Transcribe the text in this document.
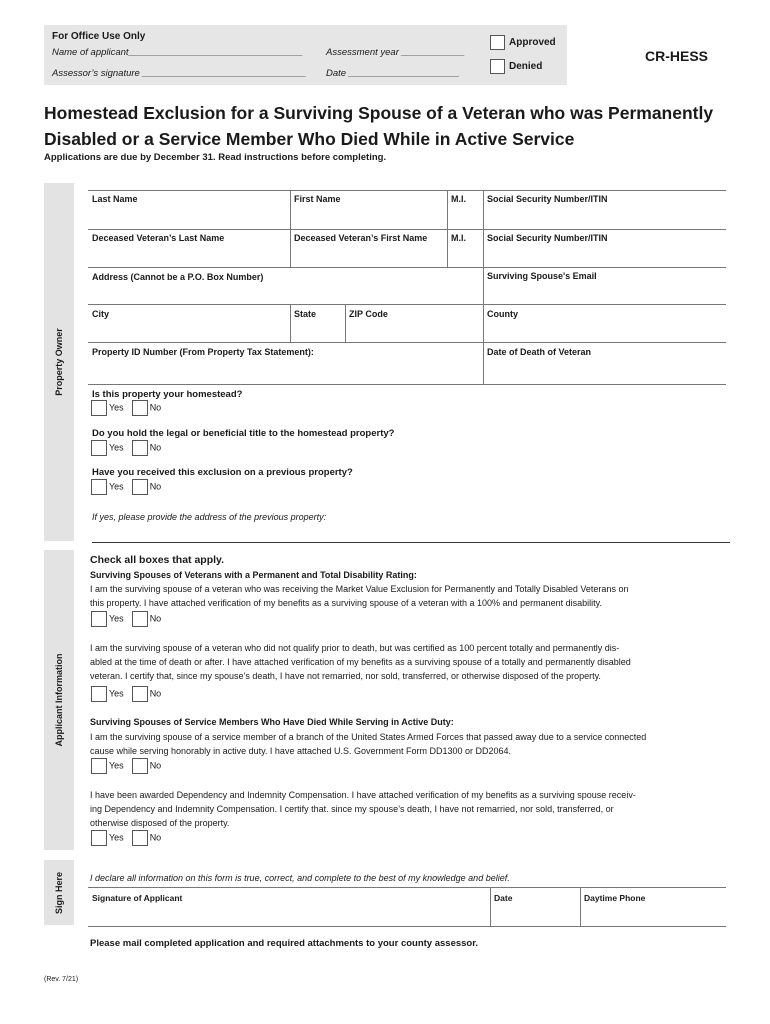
For Office Use Only
Name of applicant_________________________________ Assessment year ____________
Assessor’s signature _______________________________ Date _____________________
Approved
Denied
CR-HESS
Homestead Exclusion for a Surviving Spouse of a Veteran who was Permanently
Disabled or a Service Member Who Died While in Active Service
Applications are due by December 31. Read instructions before completing.
Property Owner
Applicant Information
Sign Here
Last Name	First Name	M.I. Social Security Number/ITIN
Deceased Veteran’s Last Name	Deceased Veteran’s First Name	M.I. Social Security Number/ITIN
Address (Cannot be a P.O. Box Number)	Surviving Spouse's Email
City	State	ZIP Code	County
Property ID Number (From Property Tax Statement):	Date of Death of Veteran
Is this property your homestead?
Yes	No
Do you hold the legal or beneficial title to the homestead property?
Yes	No
Have you received this exclusion on a previous property?
Yes	No
If yes, please provide the address of the previous property:
Check all boxes that apply.
Surviving Spouses of Veterans with a Permanent and Total Disability Rating:
I am the surviving spouse of a veteran who was receiving the Market Value Exclusion for Permanently and Totally Disabled Veterans on
this property. I have attached verification of my benefits as a surviving spouse of a veteran with a 100% and permanent disability.
Yes	No
I am the surviving spouse of a veteran who did not qualify prior to death, but was certified as 100 percent totally and permanently dis-
abled at the time of death or after. I have attached verification of my benefits as a surviving spouse of a totally and permanently disabled
veteran. I certify that, since my spouse’s death, I have not remarried, nor sold, transferred, or otherwise disposed of the property.
Yes	No
Surviving Spouses of Service Members Who Have Died While Serving in Active Duty:
I am the surviving spouse of a service member of a branch of the United States Armed Forces that passed away due to a service connected
cause while serving honorably in active duty. I have attached U.S. Government Form DD1300 or DD2064.
Yes	No
I have been awarded Dependency and Indemnity Compensation. I have attached verification of my benefits as a surviving spouse receiv-
ing Dependency and Indemnity Compensation. I certify that. since my spouse’s death, I have not remarried, nor sold, transferred, or
otherwise disposed of the property.
Yes	No
I declare all information on this form is true, correct, and complete to the best of my knowledge and belief.
Signature of Applicant	Date	Daytime Phone
Please mail completed application and required attachments to your county assessor.
(Rev. 7/21)
